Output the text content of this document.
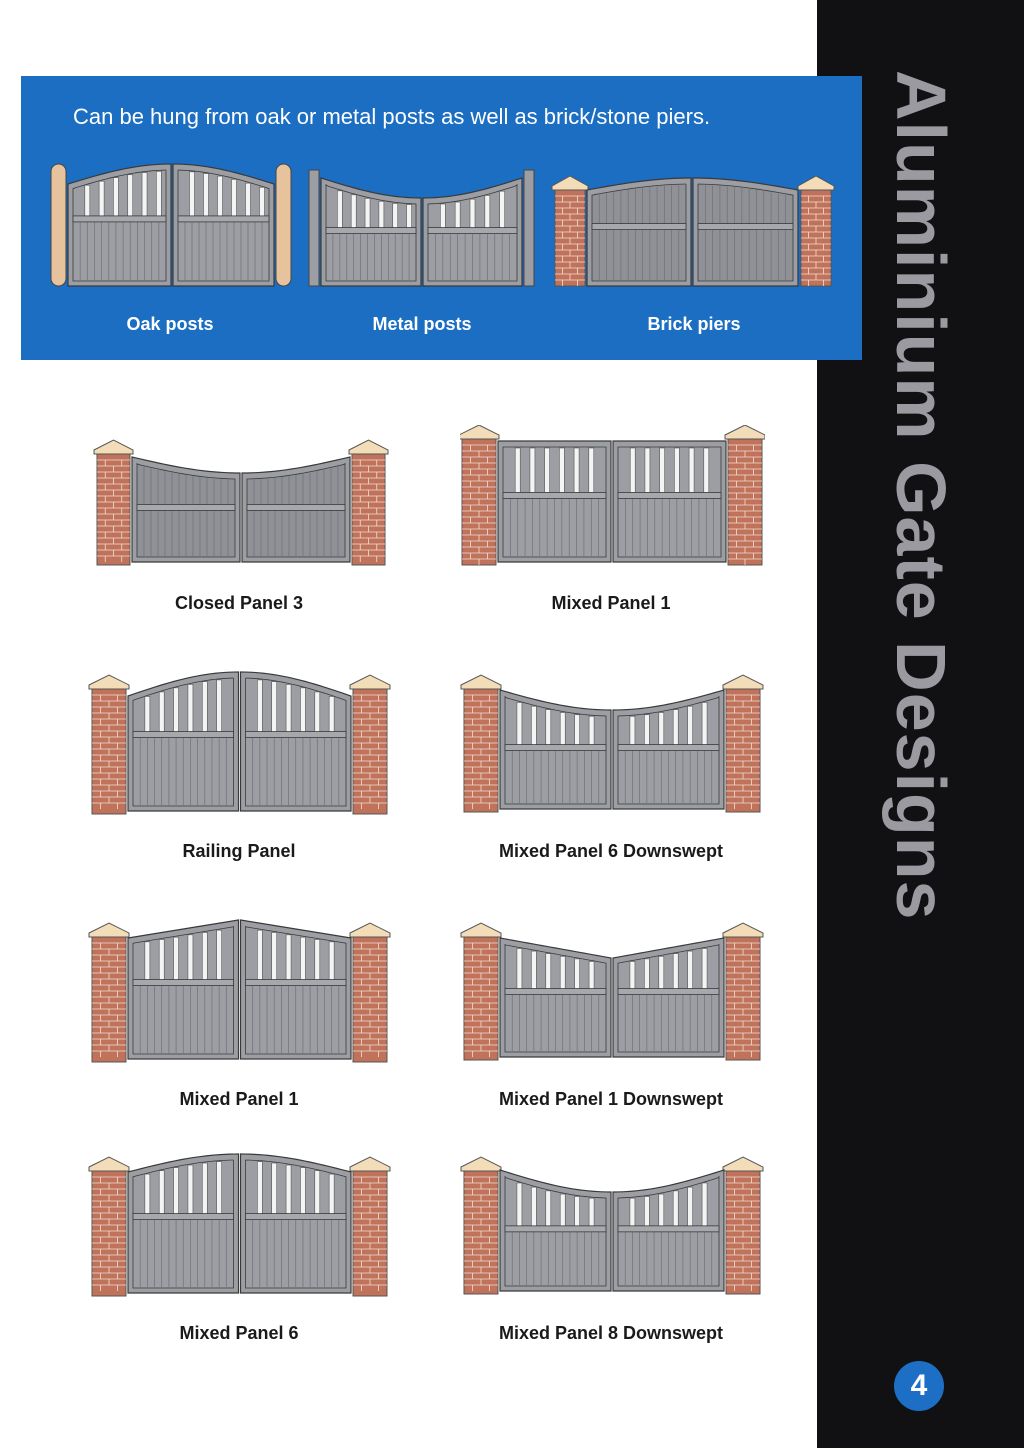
Aluminium Gate Designs
4
Can be hung from oak or metal posts as well as brick/stone piers.
Oak posts	Metal posts	Brick piers
Closed Panel 3	Mixed Panel 1
Railing Panel	Mixed Panel 6 Downswept
Mixed Panel 1	Mixed Panel 1 Downswept
Mixed Panel 6	Mixed Panel 8 Downswept
